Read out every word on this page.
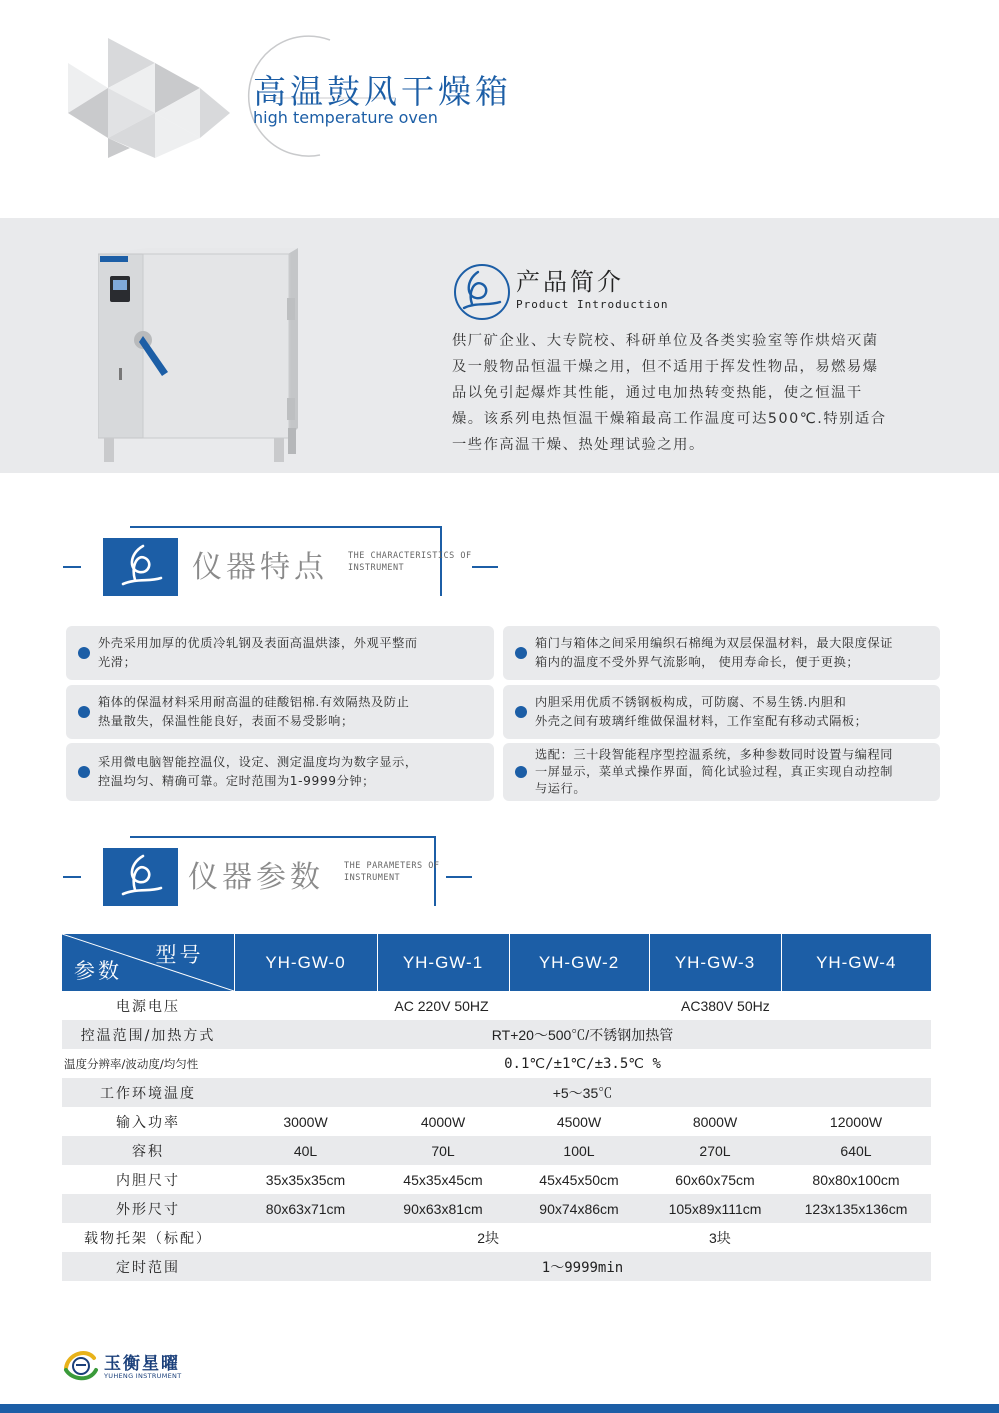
高温鼓风干燥箱
high temperature oven
产品简介
Product Introduction
供厂矿企业、大专院校、科研单位及各类实验室等作烘焙灭菌
及一般物品恒温干燥之用，但不适用于挥发性物品，易燃易爆
品以免引起爆炸其性能，通过电加热转变热能，使之恒温干
燥。该系列电热恒温干燥箱最高工作温度可达500℃.特别适合
一些作高温干燥、热处理试验之用。
仪器特点 THE CHARACTERISTICS OF
INSTRUMENT
外壳采用加厚的优质冷轧钢及表面高温烘漆，外观平整而
光滑；
箱门与箱体之间采用编织石棉绳为双层保温材料，最大限度保证
箱内的温度不受外界气流影响， 使用寿命长，便于更换；
箱体的保温材料采用耐高温的硅酸铝棉.有效隔热及防止
热量散失，保温性能良好，表面不易受影响；
内胆采用优质不锈钢板构成，可防腐、不易生锈.内胆和
外壳之间有玻璃纤维做保温材料，工作室配有移动式隔板；
采用微电脑智能控温仪，设定、测定温度均为数字显示，
控温均匀、精确可靠。定时范围为1-9999分钟；
选配：三十段智能程序型控温系统，多种参数同时设置与编程同
一屏显示，菜单式操作界面，简化试验过程，真正实现自动控制
与运行。
仪器参数 THE PARAMETERS OF
INSTRUMENT
型号
参数	YH-GW-0	YH-GW-1	YH-GW-2	YH-GW-3	YH-GW-4
电源电压	AC 220V 50HZ			AC380V 50Hz	
控温范围/加热方式	RT+20～500℃/不锈钢加热管				
温度分辨率/波动度/均匀性	0.1℃/±1℃/±3.5℃ %				
工作环境温度	+5～35℃				
输入功率	3000W	4000W	4500W	8000W	12000W
容积	40L	70L	100L	270L	640L
内胆尺寸	35x35x35cm	45x35x45cm	45x45x50cm	60x60x75cm	80x80x100cm
外形尺寸	80x63x71cm	90x63x81cm	90x74x86cm	105x89x111cm	123x135x136cm
载物托架（标配）	2块		3块		
定时范围	1～9999min				
玉衡星曜
YUHENG INSTRUMENT
